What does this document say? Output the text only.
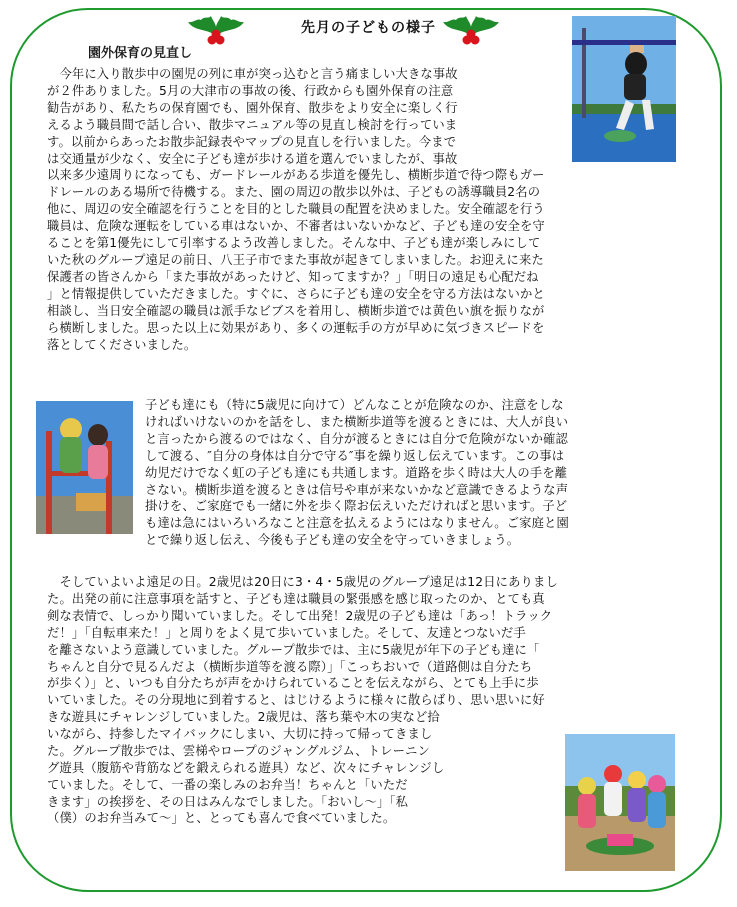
先月の子どもの様子
園外保育の見直し
　今年に入り散歩中の園児の列に車が突っ込むと言う痛ましい大きな事故
が２件ありました。5月の大津市の事故の後、行政からも園外保育の注意
勧告があり、私たちの保育園でも、園外保育、散歩をより安全に楽しく行
えるよう職員間で話し合い、散歩マニュアル等の見直し検討を行っていま
す。以前からあったお散歩記録表やマップの見直しを行いました。今まで
は交通量が少なく、安全に子ども達が歩ける道を選んでいましたが、事故
以来多少遠周りになっても、ガードレールがある歩道を優先し、横断歩道で待つ際もガー
ドレールのある場所で待機する。また、園の周辺の散歩以外は、子どもの誘導職員2名の
他に、周辺の安全確認を行うことを目的とした職員の配置を決めました。安全確認を行う
職員は、危険な運転をしている車はないか、不審者はいないかなど、子ども達の安全を守
ることを第1優先にして引率するよう改善しました。そんな中、子ども達が楽しみにして
いた秋のグループ遠足の前日、八王子市でまた事故が起きてしまいました。お迎えに来た
保護者の皆さんから「また事故があったけど、知ってますか？」「明日の遠足も心配だね
」と情報提供していただきました。すぐに、さらに子ども達の安全を守る方法はないかと
相談し、当日安全確認の職員は派手なビブスを着用し、横断歩道では黄色い旗を振りなが
ら横断しました。思った以上に効果があり、多くの運転手の方が早めに気づきスピードを
落としてくださいました。
子ども達にも（特に5歳児に向けて）どんなことが危険なのか、注意をしな
ければいけないのかを話をし、また横断歩道等を渡るときには、大人が良い
と言ったから渡るのではなく、自分が渡るときには自分で危険がないか確認
して渡る、″自分の身体は自分で守る″事を繰り返し伝えています。この事は
幼児だけでなく虹の子ども達にも共通します。道路を歩く時は大人の手を離
さない。横断歩道を渡るときは信号や車が来ないかなど意識できるような声
掛けを、ご家庭でも一緒に外を歩く際お伝えいただければと思います。子ど
も達は急にはいろいろなこと注意を払えるようにはなりません。ご家庭と園
とで繰り返し伝え、今後も子ども達の安全を守っていきましょう。
　そしていよいよ遠足の日。2歳児は20日に3・4・5歳児のグループ遠足は12日にありまし
た。出発の前に注意事項を話すと、子ども達は職員の緊張感を感じ取ったのか、とても真
剣な表情で、しっかり聞いていました。そして出発！2歳児の子ども達は「あっ！トラック
だ！」「自転車来た！」と周りをよく見て歩いていました。そして、友達とつないだ手
を離さないよう意識していました。グループ散歩では、主に5歳児が年下の子ども達に「
ちゃんと自分で見るんだよ（横断歩道等を渡る際）」「こっちおいで（道路側は自分たち
が歩く）」と、いつも自分たちが声をかけられていることを伝えながら、とても上手に歩
いていました。その分現地に到着すると、はじけるように様々に散らばり、思い思いに好
きな遊具にチャレンジしていました。2歳児は、落ち葉や木の実など拾
いながら、持参したマイバックにしまい、大切に持って帰ってきまし
た。グループ散歩では、雲梯やロープのジャングルジム、トレーニン
グ遊具（腹筋や背筋などを鍛えられる遊具）など、次々にチャレンジし
ていました。そして、一番の楽しみのお弁当！ちゃんと「いただ
きます」の挨拶を、その日はみんなでしました。「おいし～」「私
（僕）のお弁当みて～」と、とっても喜んで食べていました。
